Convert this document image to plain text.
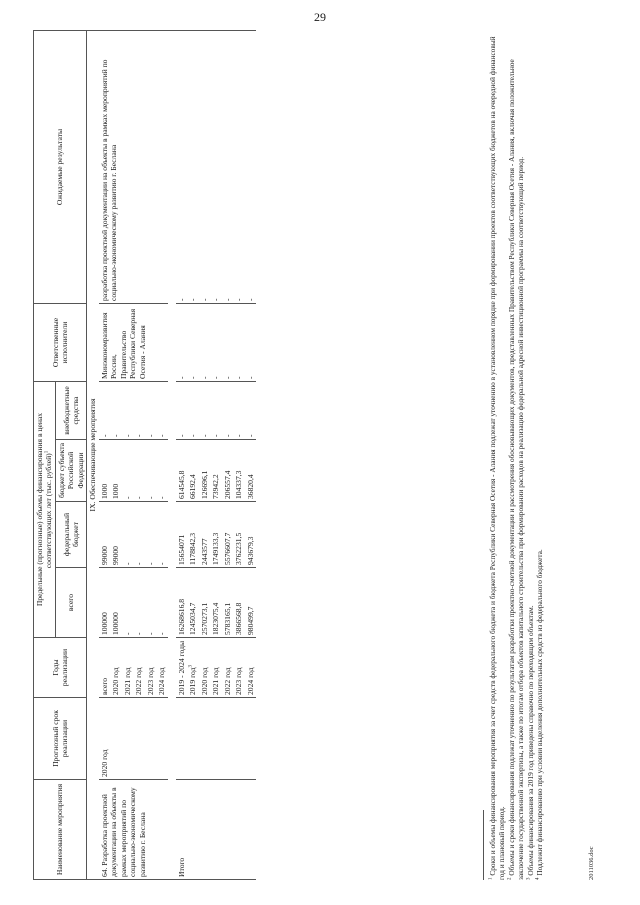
29
Наименование мероприятия	Прогнозный срок реализации	Годы реализации	Предельные (прогнозные) объемы финансирования в ценах соответствующих лет (тыс. рублей)$^1$				Ответственные исполнители	Ожидаемые результаты
			всего	федеральный бюджет	бюджет субъекта Российской Федерации	внебюджетные средства		
IX. Обеспечивающие мероприятия								
64. Разработка проектной документации на объекты в рамках мероприятий по социально-экономическому развитию г. Беслана	2020 год	всего	100000	99000	1000	-	Минэкономразвития России, Правительство Республики Северная Осетия - Алания	разработка проектной документации на объекты в рамках мероприятий по социально-экономическому развитию г. Беслана
		2020 год	100000	99000	1000	-		
		2021 год	-	-	-	-		
		2022 год	-	-	-	-		
		2023 год	-	-	-	-		
		2024 год	-	-	-	-		

Итого		2019 - 2024 годы	16268616,8	15654071	614545,8	-	-	-
		2019 год$^3$	1245034,7	1178842,3	66192,4	-	-	-
		2020 год	2570273,1	2443577	126696,1	-	-	-
		2021 год	1823075,4	1749133,3	73942,2	-	-	-
		2022 год	5783165,1	5576607,7	206557,4	-	-	-
		2023 год	3866568,8	3762231,5	104337,3	-	-	-
		2024 год	980499,7	943679,3	36820,4	-	-	-

$^1$ Сроки и объемы финансирования мероприятия за счет средств федерального бюджета и бюджета Республики Северная Осетия - Алания подлежат уточнению в установленном порядке при формировании проектов соответствующих бюджетов на очередной финансовый год и плановый период. $^2$ Объемы и сроки финансирования подлежат уточнению по результатам разработки проектно-сметной документации и рассмотрения обосновывающих документов, представленных Правительством Республики Северная Осетия - Алания, включая положительное заключение государственной экспертизы, а также по итогам отбора объектов капитального строительства при формировании расходов на реализацию федеральной адресной инвестиционной программы на соответствующий период. $^3$ Объемы финансирования за 2019 год приведены справочно по переходящим объектам.

$^4$ Подлежит финансированию при условии выделения дополнительных средств из федерального бюджета.	2011036.doc
